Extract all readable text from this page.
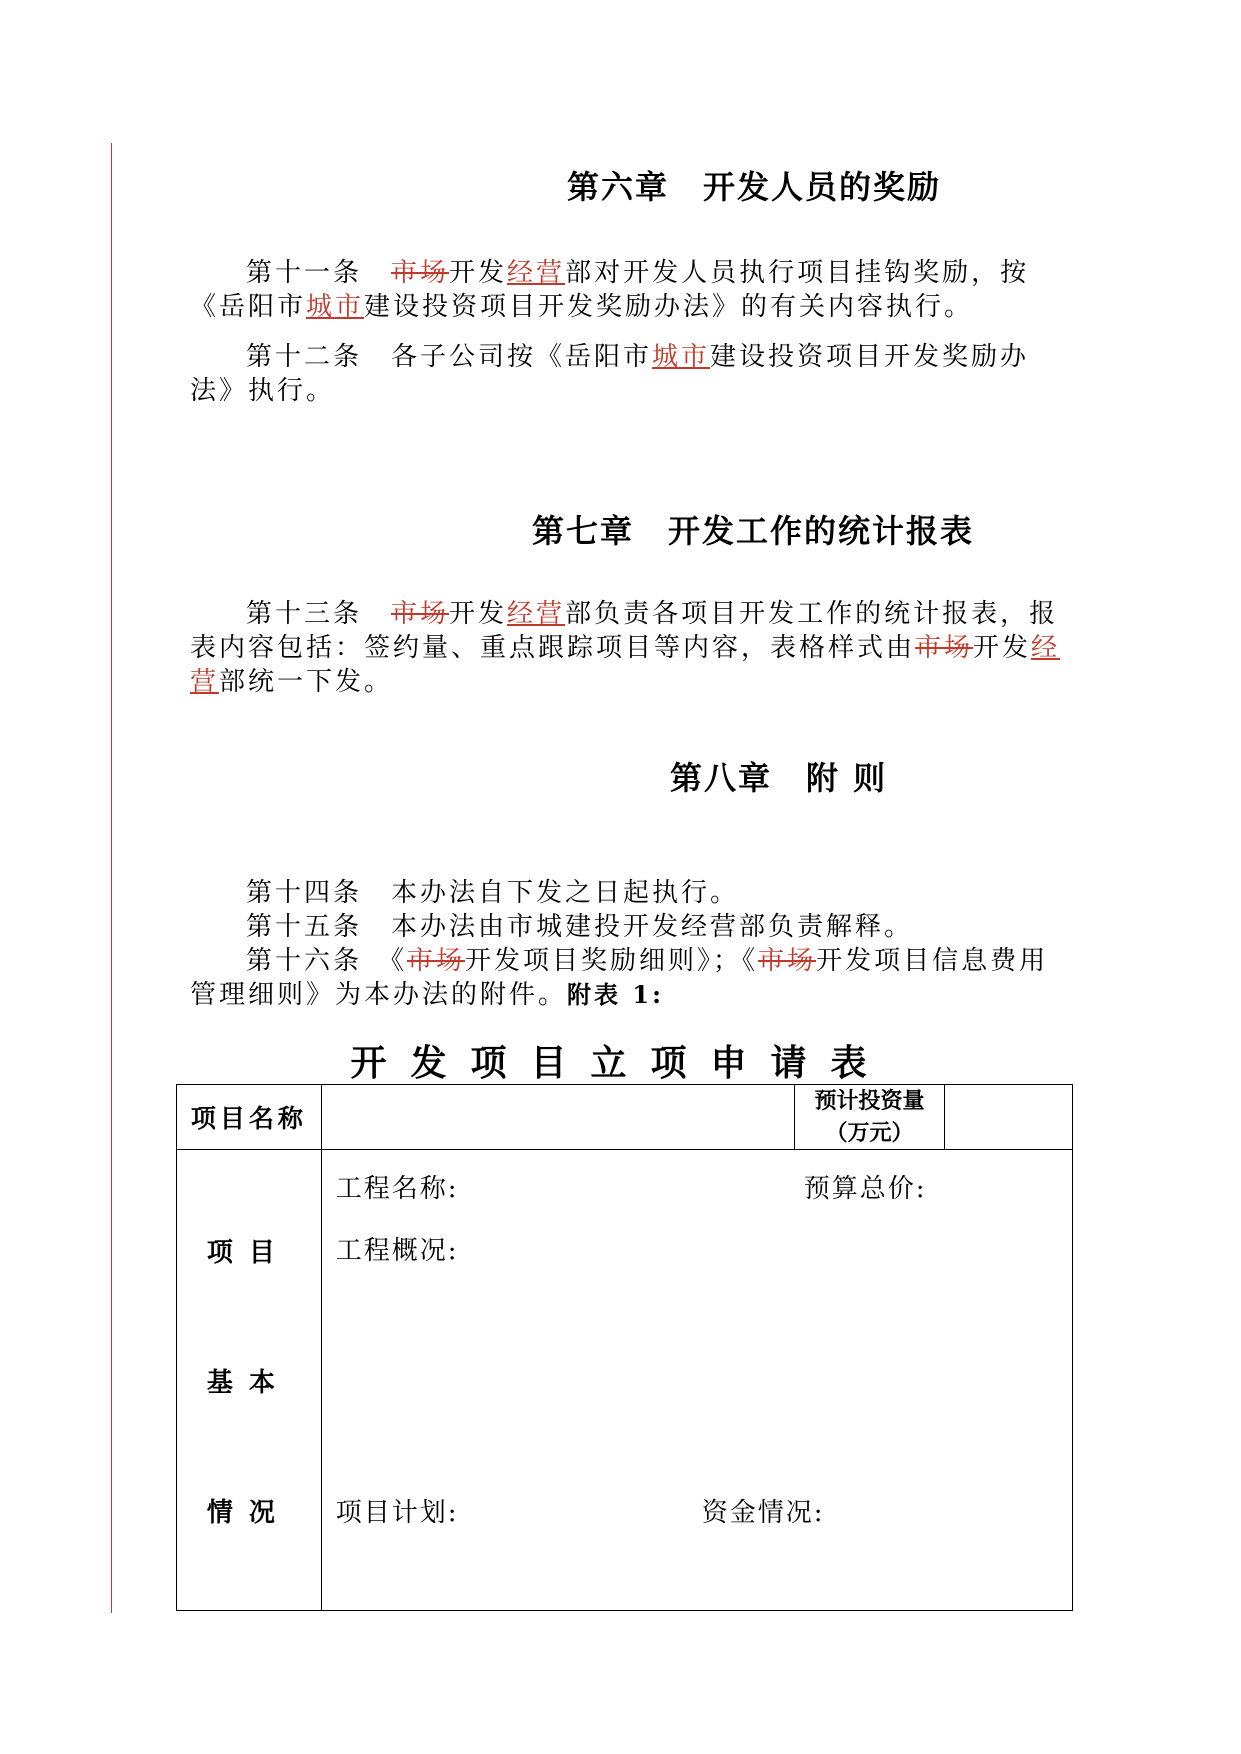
第六章　开发人员的奖励
第十一条　市场开发经营部对开发人员执行项目挂钩奖励，按《岳阳市城市建设投资项目开发奖励办法》的有关内容执行。
第十二条　各子公司按《岳阳市城市建设投资项目开发奖励办法》执行。
第七章　开发工作的统计报表
第十三条　市场开发经营部负责各项目开发工作的统计报表，报表内容包括：签约量、重点跟踪项目等内容，表格样式由市场开发经营部统一下发。
第八章　附 则
第十四条　本办法自下发之日起执行。
第十五条　本办法由市城建投开发经营部负责解释。
第十六条　《市场开发项目奖励细则》；《市场开发项目信息费用管理细则》为本办法的附件。附表 1:
开发项目立项申请表
项目名称		预计投资量
（万元）	

项目
基本
情况	工程名称: 预算总价:
工程概况:
项目计划: 资金情况:		
